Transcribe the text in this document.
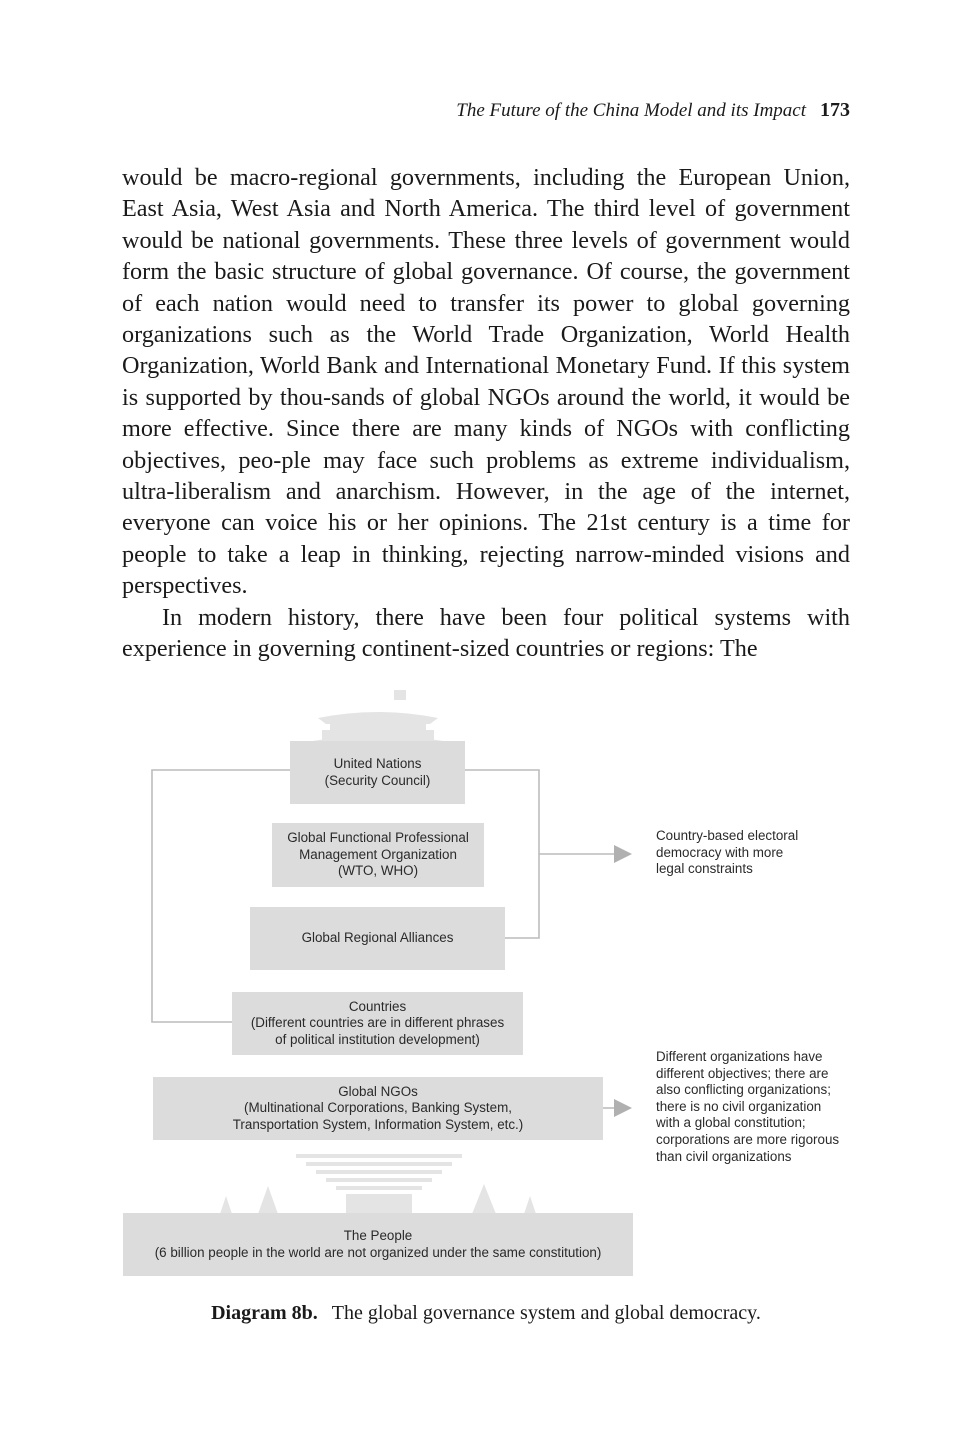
The Future of the China Model and its Impact 173

would be macro-regional governments, including the European Union, East Asia, West Asia and North America. The third level of government would be national governments. These three levels of government would form the basic structure of global governance. Of course, the government of each nation would need to transfer its power to global governing organizations such as the World Trade Organization, World Health Organization, World Bank and International Monetary Fund. If this system is supported by thou-sands of global NGOs around the world, it would be more effective. Since there are many kinds of NGOs with conflicting objectives, peo-ple may face such problems as extreme individualism, ultra-liberalism and anarchism. However, in the age of the internet, everyone can voice his or her opinions. The 21st century is a time for people to take a leap in thinking, rejecting narrow-minded visions and perspectives.

In modern history, there have been four political systems with experience in governing continent-sized countries or regions: The

United Nations
(Security Council)
Global Functional Professional
Management Organization
(WTO, WHO)
Global Regional Alliances
Countries
(Different countries are in different phrases
of political institution development)
Global NGOs
(Multinational Corporations, Banking System,
Transportation System, Information System, etc.)
The People
(6 billion people in the world are not organized under the same constitution)
Country-based electoral
democracy with more
legal constraints
Different organizations have
different objectives; there are
also conflicting organizations;
there is no civil organization
with a global constitution;
corporations are more rigorous
than civil organizations
Diagram 8b. The global governance system and global democracy.
